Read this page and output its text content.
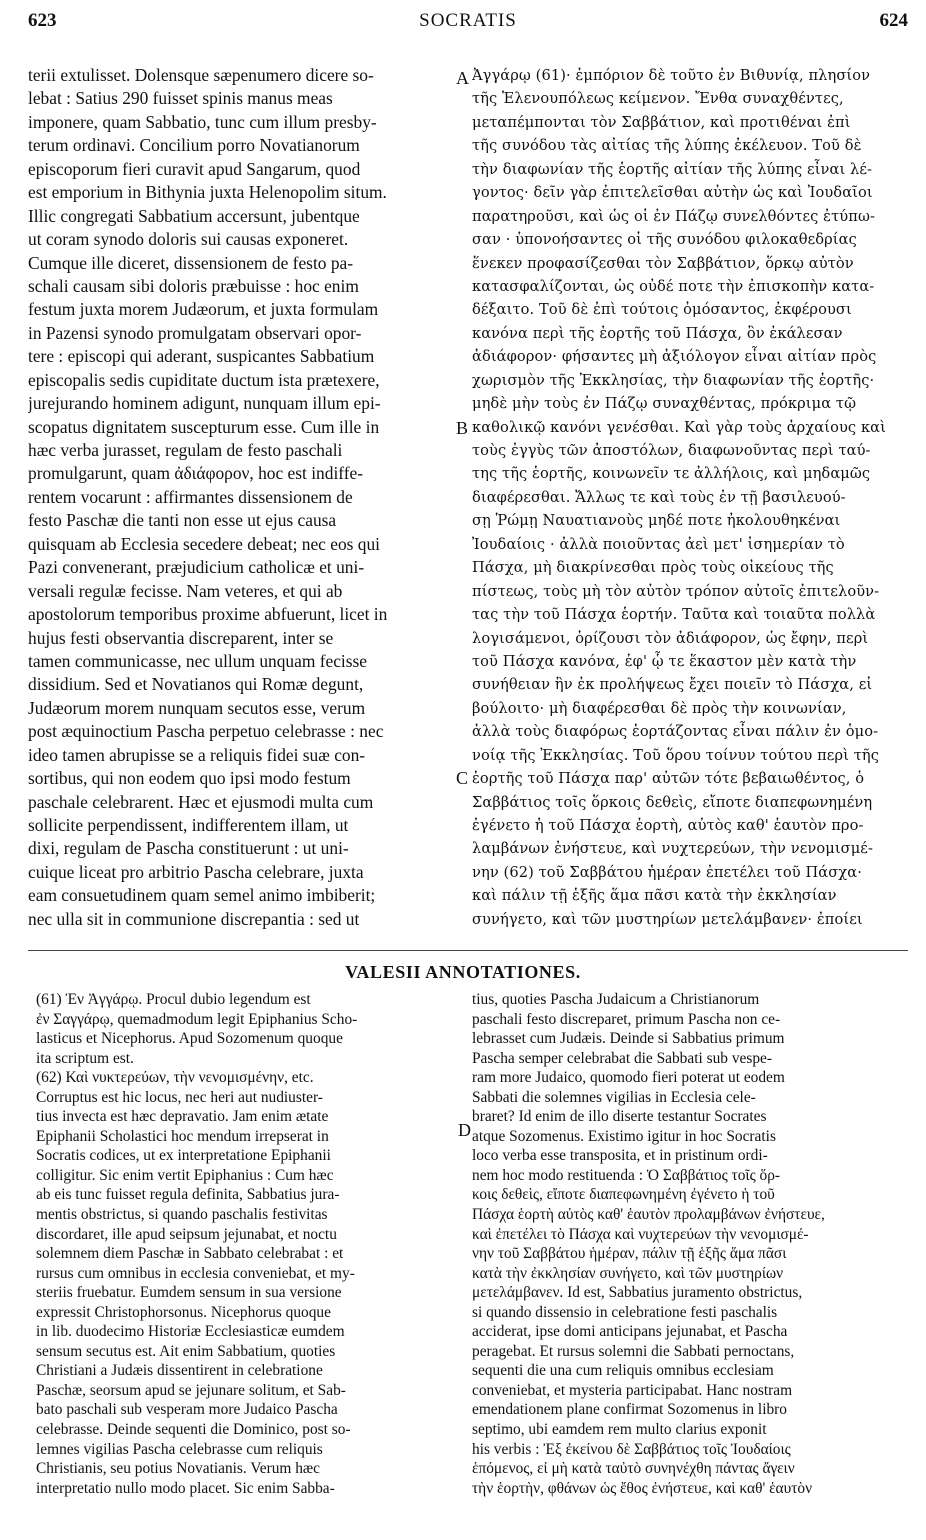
623	SOCRATIS	624
terii extulisset. Dolensque sæpenumero dicere so-
lebat : Satius 290 fuisset spinis manus meas
imponere, quam Sabbatio, tunc cum illum presby-
terum ordinavi. Concilium porro Novatianorum
episcoporum fieri curavit apud Sangarum, quod
est emporium in Bithynia juxta Helenopolim situm.
Illic congregati Sabbatium accersunt, jubentque
ut coram synodo doloris sui causas exponeret.
Cumque ille diceret, dissensionem de festo pa-
schali causam sibi doloris præbuisse : hoc enim
festum juxta morem Judæorum, et juxta formulam
in Pazensi synodo promulgatam observari opor-
tere : episcopi qui aderant, suspicantes Sabbatium
episcopalis sedis cupiditate ductum ista prætexere,
jurejurando hominem adigunt, nunquam illum epi-
scopatus dignitatem suscepturum esse. Cum ille in
hæc verba jurasset, regulam de festo paschali
promulgarunt, quam ἀδιάφορον, hoc est indiffe-
rentem vocarunt : affirmantes dissensionem de
festo Paschæ die tanti non esse ut ejus causa
quisquam ab Ecclesia secedere debeat; nec eos qui
Pazi convenerant, præjudicium catholicæ et uni-
versali regulæ fecisse. Nam veteres, et qui ab
apostolorum temporibus proxime abfuerunt, licet in
hujus festi observantia discreparent, inter se
tamen communicasse, nec ullum unquam fecisse
dissidium. Sed et Novatianos qui Romæ degunt,
Judæorum morem nunquam secutos esse, verum
post æquinoctium Pascha perpetuo celebrasse : nec
ideo tamen abrupisse se a reliquis fidei suæ con-
sortibus, qui non eodem quo ipsi modo festum
paschale celebrarent. Hæc et ejusmodi multa cum
sollicite perpendissent, indifferentem illam, ut
dixi, regulam de Pascha constituerunt : ut uni-
cuique liceat pro arbitrio Pascha celebrare, juxta
eam consuetudinem quam semel animo imbiberit;
nec ulla sit in communione discrepantia : sed ut
Ἀγγάρῳ (61)· ἐμπόριον δὲ τοῦτο ἐν Βιθυνίᾳ, πλησίον
τῆς Ἑλενουπόλεως κείμενον. Ἔνθα συναχθέντες,
μεταπέμπονται τὸν Σαββάτιον, καὶ προτιθέναι ἐπὶ
τῆς συνόδου τὰς αἰτίας τῆς λύπης ἐκέλευον. Τοῦ δὲ
τὴν διαφωνίαν τῆς ἑορτῆς αἰτίαν τῆς λύπης εἶναι λέ-
γοντος· δεῖν γὰρ ἐπιτελεῖσθαι αὐτὴν ὡς καὶ Ἰουδαῖοι
παρατηροῦσι, καὶ ὡς οἱ ἐν Πάζῳ συνελθόντες ἐτύπω-
σαν · ὑπονοήσαντες οἱ τῆς συνόδου φιλοκαθεδρίας
ἕνεκεν προφασίζεσθαι τὸν Σαββάτιον, ὅρκῳ αὐτὸν
κατασφαλίζονται, ὡς οὐδέ ποτε τὴν ἐπισκοπὴν κατα-
δέξαιτο. Τοῦ δὲ ἐπὶ τούτοις ὀμόσαντος, ἐκφέρουσι
κανόνα περὶ τῆς ἑορτῆς τοῦ Πάσχα, ὃν ἐκάλεσαν
ἀδιάφορον· φήσαντες μὴ ἀξιόλογον εἶναι αἰτίαν πρὸς
χωρισμὸν τῆς Ἐκκλησίας, τὴν διαφωνίαν τῆς ἑορτῆς·
μηδὲ μὴν τοὺς ἐν Πάζῳ συναχθέντας, πρόκριμα τῷ
καθολικῷ κανόνι γενέσθαι. Καὶ γὰρ τοὺς ἀρχαίους καὶ
τοὺς ἐγγὺς τῶν ἀποστόλων, διαφωνοῦντας περὶ ταύ-
της τῆς ἑορτῆς, κοινωνεῖν τε ἀλλήλοις, καὶ μηδαμῶς
διαφέρεσθαι. Ἄλλως τε καὶ τοὺς ἐν τῇ βασιλευού-
σῃ Ῥώμῃ Ναυατιανοὺς μηδέ ποτε ἠκολουθηκέναι
Ἰουδαίοις · ἀλλὰ ποιοῦντας ἀεὶ μετ' ἰσημερίαν τὸ
Πάσχα, μὴ διακρίνεσθαι πρὸς τοὺς οἰκείους τῆς
πίστεως, τοὺς μὴ τὸν αὐτὸν τρόπον αὐτοῖς ἐπιτελοῦν-
τας τὴν τοῦ Πάσχα ἑορτήν. Ταῦτα καὶ τοιαῦτα πολλὰ
λογισάμενοι, ὁρίζουσι τὸν ἀδιάφορον, ὡς ἔφην, περὶ
τοῦ Πάσχα κανόνα, ἐφ' ᾧ τε ἕκαστον μὲν κατὰ τὴν
συνήθειαν ἣν ἐκ προλήψεως ἔχει ποιεῖν τὸ Πάσχα, εἰ
βούλοιτο· μὴ διαφέρεσθαι δὲ πρὸς τὴν κοινωνίαν,
ἀλλὰ τοὺς διαφόρως ἑορτάζοντας εἶναι πάλιν ἐν ὁμο-
νοίᾳ τῆς Ἐκκλησίας. Τοῦ ὅρου τοίνυν τούτου περὶ τῆς
ἑορτῆς τοῦ Πάσχα παρ' αὐτῶν τότε βεβαιωθέντος, ὁ
Σαββάτιος τοῖς ὅρκοις δεθεὶς, εἴποτε διαπεφωνημένη
ἐγένετο ἡ τοῦ Πάσχα ἑορτὴ, αὐτὸς καθ' ἑαυτὸν προ-
λαμβάνων ἐνήστευε, καὶ νυχτερεύων, τὴν νενομισμέ-
νην (62) τοῦ Σαββάτου ἡμέραν ἐπετέλει τοῦ Πάσχα·
καὶ πάλιν τῇ ἑξῆς ἅμα πᾶσι κατὰ τὴν ἐκκλησίαν
συνήγετο, καὶ τῶν μυστηρίων μετελάμβανεν· ἐποίει
A
B
C
D
VALESII ANNOTATIONES.
(61) Ἐν Ἀγγάρῳ. Procul dubio legendum est
ἐν Σαγγάρῳ, quemadmodum legit Epiphanius Scho-
lasticus et Nicephorus. Apud Sozomenum quoque
ita scriptum est.
(62) Καὶ νυκτερεύων, τὴν νενομισμένην, etc.
Corruptus est hic locus, nec heri aut nudiuster-
tius invecta est hæc depravatio. Jam enim ætate
Epiphanii Scholastici hoc mendum irrepserat in
Socratis codices, ut ex interpretatione Epiphanii
colligitur. Sic enim vertit Epiphanius : Cum hæc
ab eis tunc fuisset regula definita, Sabbatius jura-
mentis obstrictus, si quando paschalis festivitas
discordaret, ille apud seipsum jejunabat, et noctu
solemnem diem Paschæ in Sabbato celebrabat : et
rursus cum omnibus in ecclesia conveniebat, et my-
steriis fruebatur. Eumdem sensum in sua versione
expressit Christophorsonus. Nicephorus quoque
in lib. duodecimo Historiæ Ecclesiasticæ eumdem
sensum secutus est. Ait enim Sabbatium, quoties
Christiani a Judæis dissentirent in celebratione
Paschæ, seorsum apud se jejunare solitum, et Sab-
bato paschali sub vesperam more Judaico Pascha
celebrasse. Deinde sequenti die Dominico, post so-
lemnes vigilias Pascha celebrasse cum reliquis
Christianis, seu potius Novatianis. Verum hæc
interpretatio nullo modo placet. Sic enim Sabba-
tius, quoties Pascha Judaicum a Christianorum
paschali festo discreparet, primum Pascha non ce-
lebrasset cum Judæis. Deinde si Sabbatius primum
Pascha semper celebrabat die Sabbati sub vespe-
ram more Judaico, quomodo fieri poterat ut eodem
Sabbati die solemnes vigilias in Ecclesia cele-
braret? Id enim de illo diserte testantur Socrates
atque Sozomenus. Existimo igitur in hoc Socratis
loco verba esse transposita, et in pristinum ordi-
nem hoc modo restituenda : Ὁ Σαββάτιος τοῖς ὅρ-
κοις δεθεὶς, εἴποτε διαπεφωνημένη ἐγένετο ἡ τοῦ
Πάσχα ἑορτὴ αὐτὸς καθ' ἑαυτὸν προλαμβάνων ἐνήστευε,
καὶ ἐπετέλει τὸ Πάσχα καὶ νυχτερεύων τὴν νενομισμέ-
νην τοῦ Σαββάτου ἡμέραν, πάλιν τῇ ἑξῆς ἅμα πᾶσι
κατὰ τὴν ἐκκλησίαν συνήγετο, καὶ τῶν μυστηρίων
μετελάμβανεν. Id est, Sabbatius juramento obstrictus,
si quando dissensio in celebratione festi paschalis
acciderat, ipse domi anticipans jejunabat, et Pascha
peragebat. Et rursus solemni die Sabbati pernoctans,
sequenti die una cum reliquis omnibus ecclesiam
conveniebat, et mysteria participabat. Hanc nostram
emendationem plane confirmat Sozomenus in libro
septimo, ubi eamdem rem multo clarius exponit
his verbis : Ἐξ ἐκείνου δὲ Σαββάτιος τοῖς Ἰουδαίοις
ἑπόμενος, εἰ μὴ κατὰ ταὐτὸ συνηνέχθη πάντας ἄγειν
τὴν ἑορτὴν, φθάνων ὡς ἔθος ἐνήστευε, καὶ καθ' ἑαυτὸν
